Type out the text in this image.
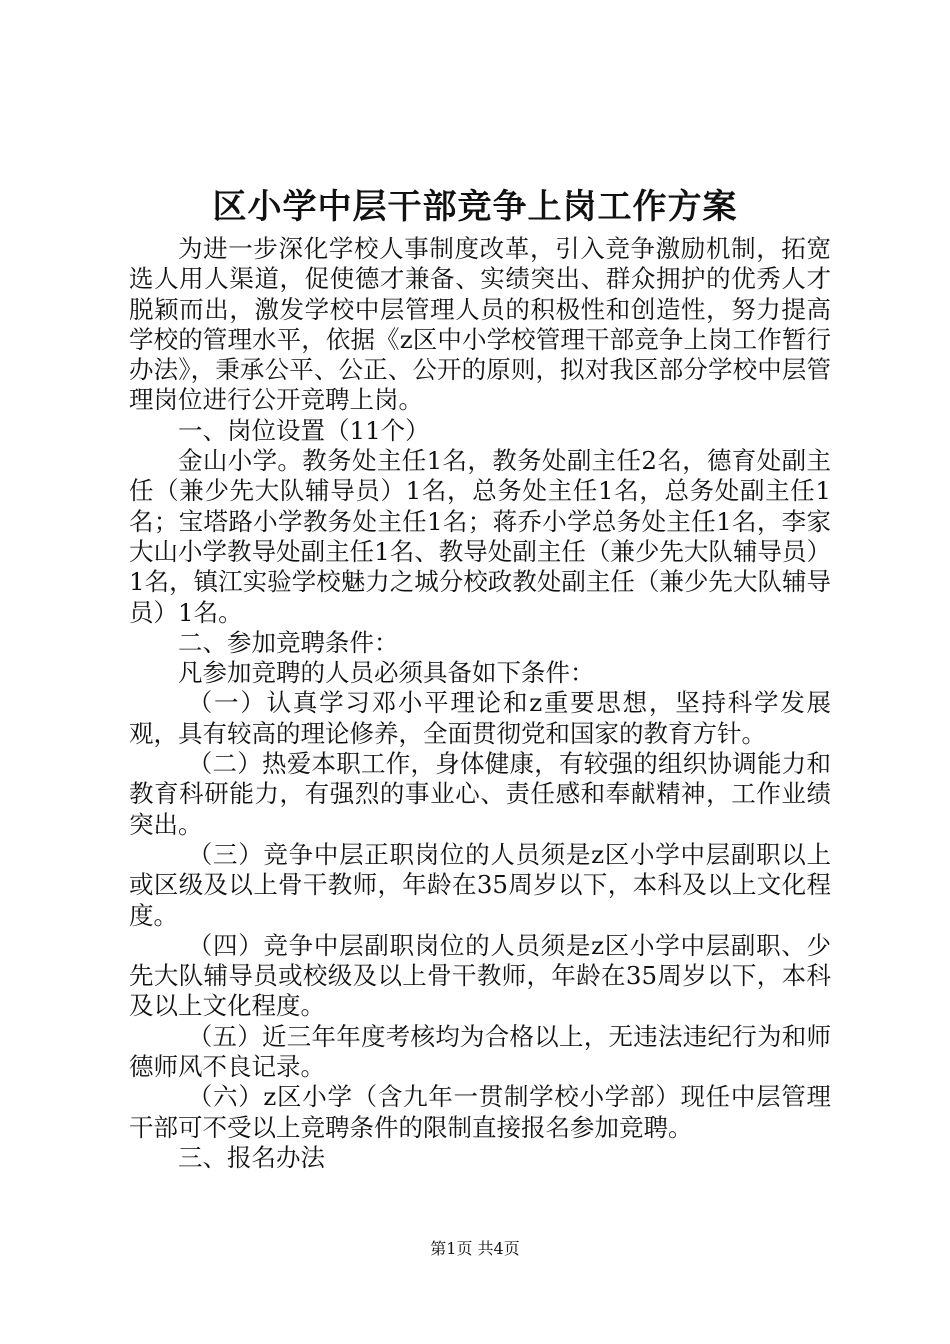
区小学中层干部竞争上岗工作方案

为进一步深化学校人事制度改革，引入竞争激励机制，拓宽选人用人渠道，促使德才兼备、实绩突出、群众拥护的优秀人才脱颖而出，激发学校中层管理人员的积极性和创造性，努力提高学校的管理水平，依据《z区中小学校管理干部竞争上岗工作暂行办法》，秉承公平、公正、公开的原则，拟对我区部分学校中层管理岗位进行公开竞聘上岗。

一、岗位设置（11个）

金山小学。教务处主任1名，教务处副主任2名，德育处副主任（兼少先大队辅导员）1名，总务处主任1名，总务处副主任1名；宝塔路小学教务处主任1名；蒋乔小学总务处主任1名，李家大山小学教导处副主任1名、教导处副主任（兼少先大队辅导员）1名，镇江实验学校魅力之城分校政教处副主任（兼少先大队辅导员）1名。

二、参加竞聘条件：

凡参加竞聘的人员必须具备如下条件：

（一）认真学习邓小平理论和z重要思想，坚持科学发展观，具有较高的理论修养，全面贯彻党和国家的教育方针。

（二）热爱本职工作，身体健康，有较强的组织协调能力和教育科研能力，有强烈的事业心、责任感和奉献精神，工作业绩突出。

（三）竞争中层正职岗位的人员须是z区小学中层副职以上或区级及以上骨干教师，年龄在35周岁以下，本科及以上文化程度。

（四）竞争中层副职岗位的人员须是z区小学中层副职、少先大队辅导员或校级及以上骨干教师，年龄在35周岁以下，本科及以上文化程度。

（五）近三年年度考核均为合格以上，无违法违纪行为和师德师风不良记录。

（六）z区小学（含九年一贯制学校小学部）现任中层管理干部可不受以上竞聘条件的限制直接报名参加竞聘。

三、报名办法

第1页 共4页
